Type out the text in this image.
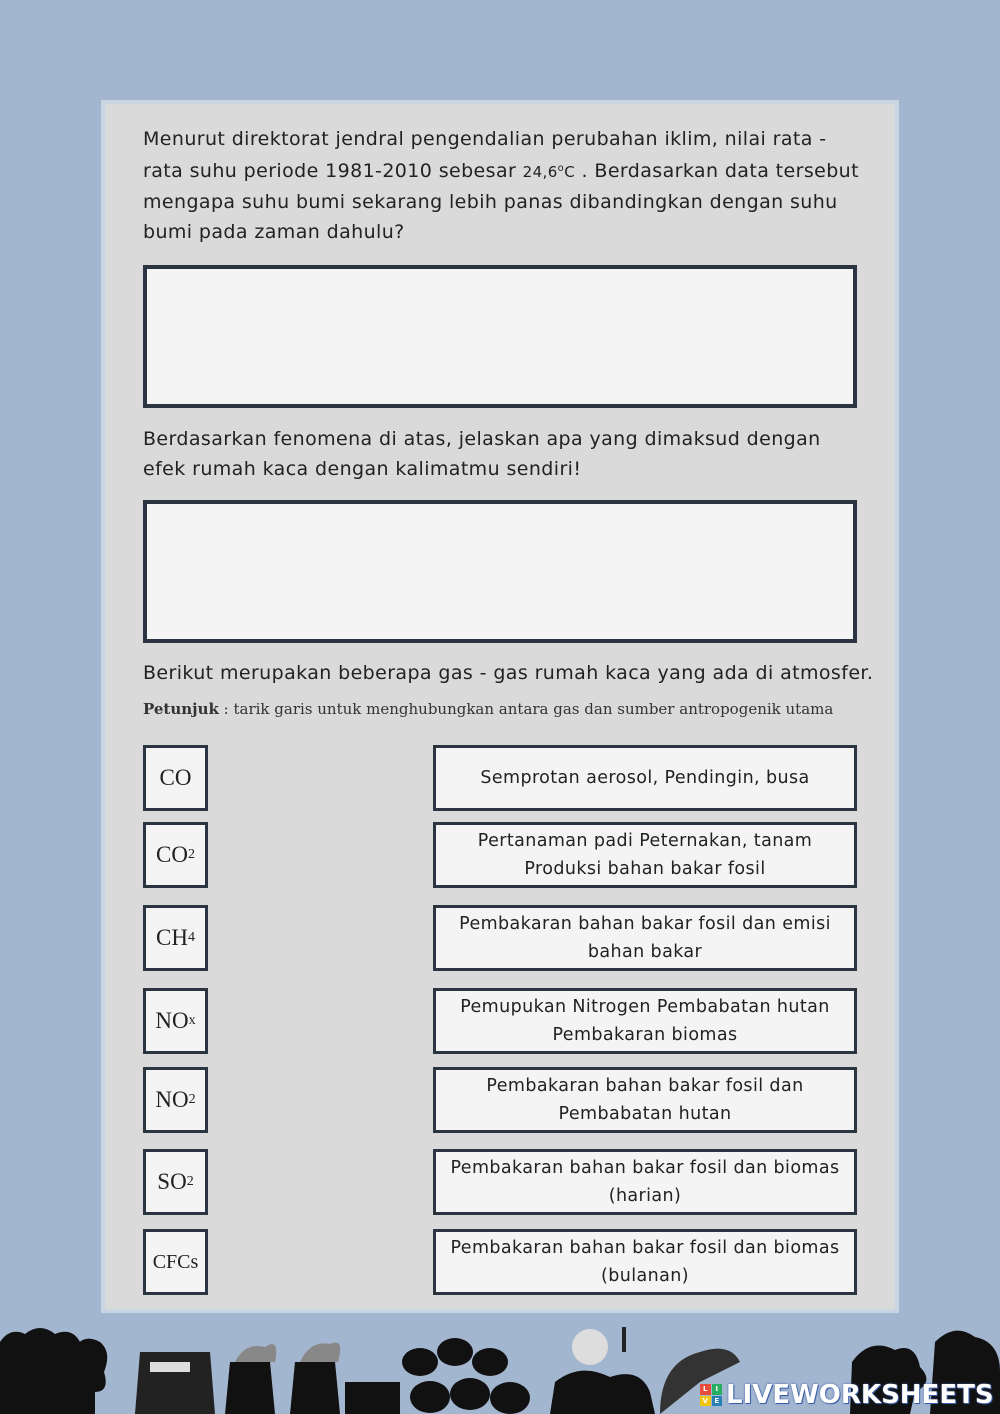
Menurut direktorat jendral pengendalian perubahan iklim, nilai rata - rata suhu periode 1981-2010 sebesar 24,6$^o$C . Berdasarkan data tersebut mengapa suhu bumi sekarang lebih panas dibandingkan dengan suhu bumi pada zaman dahulu?
Berdasarkan fenomena di atas, jelaskan apa yang dimaksud dengan efek rumah kaca dengan kalimatmu sendiri!
Berikut merupakan beberapa gas - gas rumah kaca yang ada di atmosfer.
Petunjuk : tarik garis untuk menghubungkan antara gas dan sumber antropogenik utama
CO
CO 2
CH 4
NO x
NO 2
SO 2
CFCs
Semprotan aerosol, Pendingin, busa
Pertanaman padi Peternakan, tanam Produksi bahan bakar fosil
Pembakaran bahan bakar fosil dan emisi bahan bakar
Pemupukan Nitrogen Pembabatan hutan Pembakaran biomas
Pembakaran bahan bakar fosil dan Pembabatan hutan
Pembakaran bahan bakar fosil dan biomas (harian)
Pembakaran bahan bakar fosil dan biomas (bulanan)
L	I
V E LIVEWORKSHEETS
